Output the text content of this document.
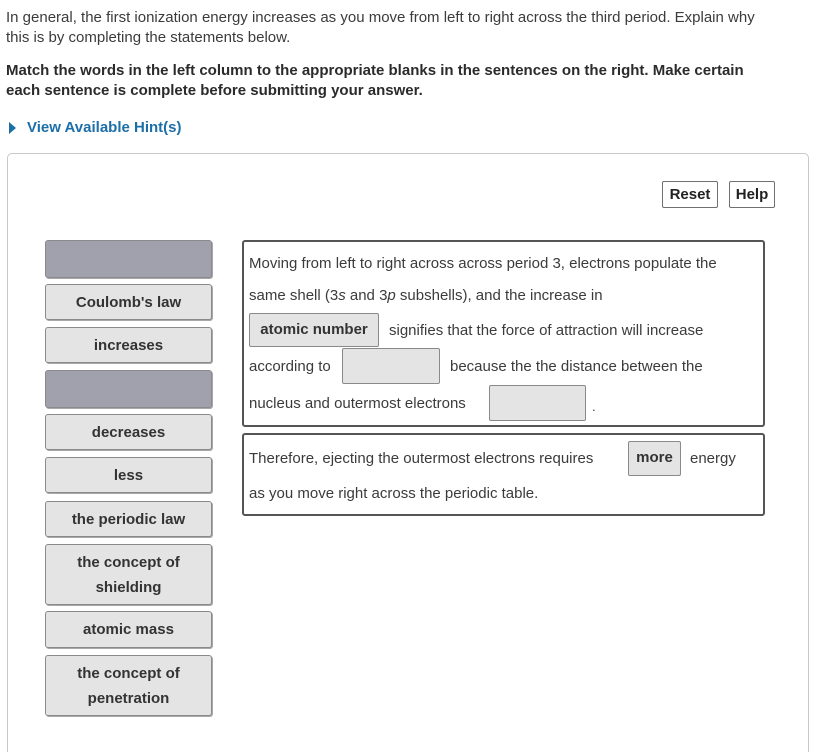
In general, the first ionization energy increases as you move from left to right across the third period. Explain why
this is by completing the statements below.
Match the words in the left column to the appropriate blanks in the sentences on the right. Make certain
each sentence is complete before submitting your answer.
View Available Hint(s)
Reset	Help
Coulomb's law
increases
decreases
less
the periodic law
the concept of
shielding
atomic mass
the concept of
penetration
Moving from left to right across across period 3, electrons populate the
same shell (3s and 3p subshells), and the increase in
atomic number	signifies that the force of attraction will increase
according to	because the the distance between the
nucleus and outermost electrons	.
Therefore, ejecting the outermost electrons requires	more	energy
as you move right across the periodic table.
